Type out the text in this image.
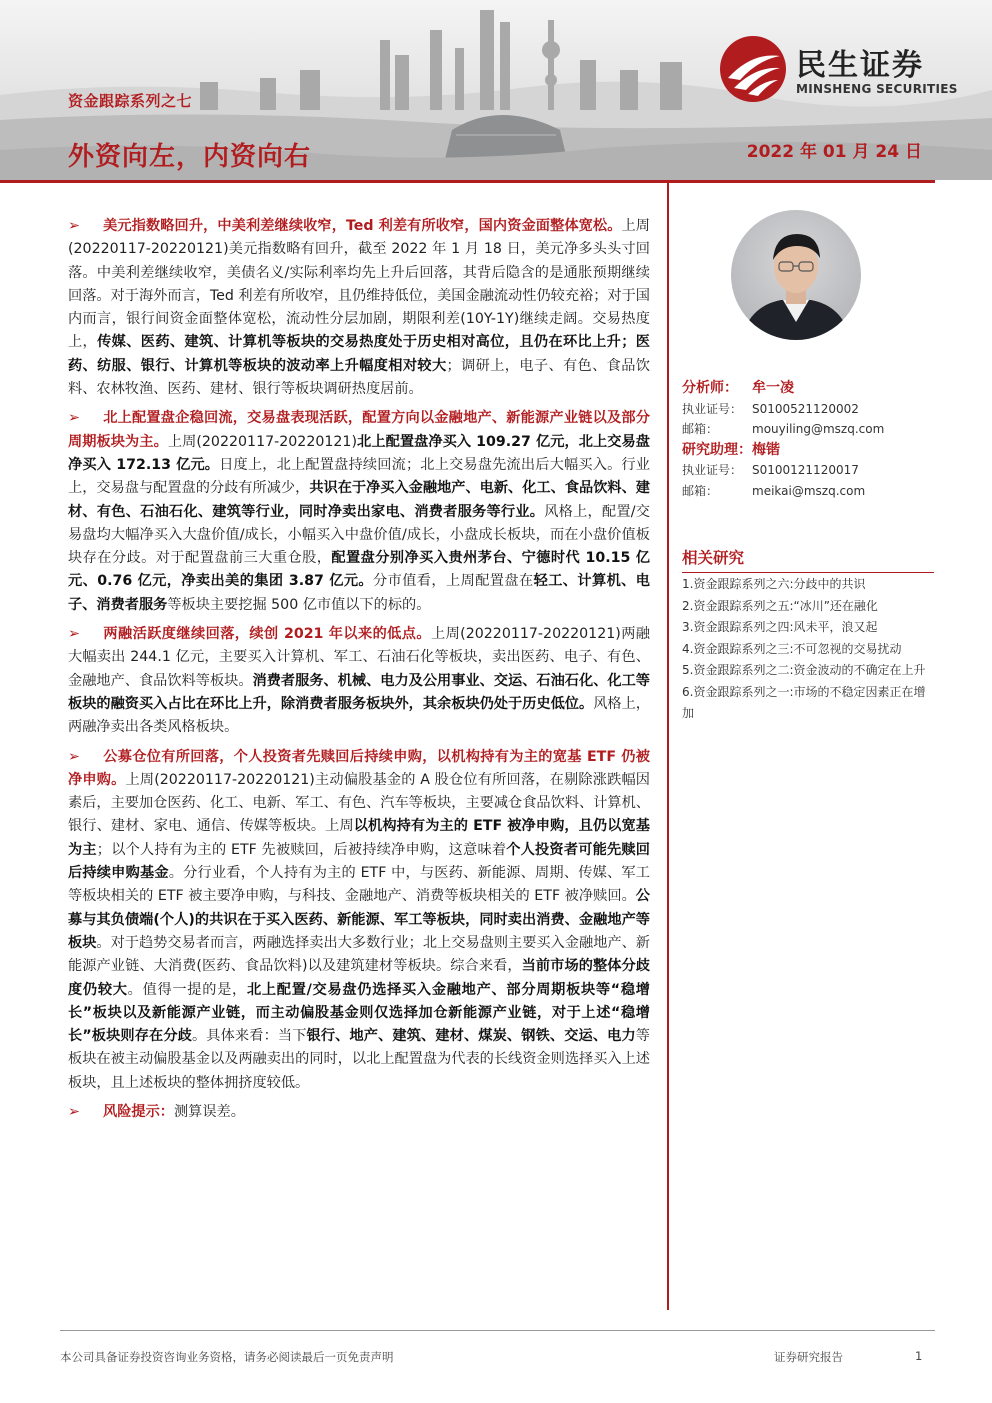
资金跟踪系列之七
外资向左，内资向右	2022 年 01 月 24 日
民生证券
MINSHENG SECURITIES

➢ 美元指数略回升，中美利差继续收窄，Ted 利差有所收窄，国内资金面整体宽松。上周(20220117-20220121)美元指数略有回升，截至 2022 年 1 月 18 日，美元净多头头寸回落。中美利差继续收窄，美债名义/实际利率均先上升后回落，其背后隐含的是通胀预期继续回落。对于海外而言，Ted 利差有所收窄，且仍维持低位，美国金融流动性仍较充裕；对于国内而言，银行间资金面整体宽松，流动性分层加剧，期限利差(10Y-1Y)继续走阔。交易热度上，传媒、医药、建筑、计算机等板块的交易热度处于历史相对高位，且仍在环比上升；医药、纺服、银行、计算机等板块的波动率上升幅度相对较大；调研上，电子、有色、食品饮料、农林牧渔、医药、建材、银行等板块调研热度居前。

➢ 北上配置盘企稳回流，交易盘表现活跃，配置方向以金融地产、新能源产业链以及部分周期板块为主。上周(20220117-20220121)北上配置盘净买入 109.27 亿元，北上交易盘净买入 172.13 亿元。日度上，北上配置盘持续回流；北上交易盘先流出后大幅买入。行业上，交易盘与配置盘的分歧有所减少，共识在于净买入金融地产、电新、化工、食品饮料、建材、有色、石油石化、建筑等行业，同时净卖出家电、消费者服务等行业。风格上，配置/交易盘均大幅净买入大盘价值/成长，小幅买入中盘价值/成长，小盘成长板块，而在小盘价值板块存在分歧。对于配置盘前三大重仓股，配置盘分别净买入贵州茅台、宁德时代 10.15 亿元、0.76 亿元，净卖出美的集团 3.87 亿元。分市值看，上周配置盘在轻工、计算机、电子、消费者服务等板块主要挖掘 500 亿市值以下的标的。

➢ 两融活跃度继续回落，续创 2021 年以来的低点。上周(20220117-20220121)两融大幅卖出 244.1 亿元，主要买入计算机、军工、石油石化等板块，卖出医药、电子、有色、金融地产、食品饮料等板块。消费者服务、机械、电力及公用事业、交运、石油石化、化工等板块的融资买入占比在环比上升，除消费者服务板块外，其余板块仍处于历史低位。风格上，两融净卖出各类风格板块。

➢ 公募仓位有所回落，个人投资者先赎回后持续申购，以机构持有为主的宽基 ETF 仍被净申购。上周(20220117-20220121)主动偏股基金的 A 股仓位有所回落，在剔除涨跌幅因素后，主要加仓医药、化工、电新、军工、有色、汽车等板块，主要减仓食品饮料、计算机、银行、建材、家电、通信、传媒等板块。上周以机构持有为主的 ETF 被净申购，且仍以宽基为主；以个人持有为主的 ETF 先被赎回，后被持续净申购，这意味着个人投资者可能先赎回后持续申购基金。分行业看，个人持有为主的 ETF 中，与医药、新能源、周期、传媒、军工等板块相关的 ETF 被主要净申购，与科技、金融地产、消费等板块相关的 ETF 被净赎回。公募与其负债端(个人)的共识在于买入医药、新能源、军工等板块，同时卖出消费、金融地产等板块。对于趋势交易者而言，两融选择卖出大多数行业；北上交易盘则主要买入金融地产、新能源产业链、大消费(医药、食品饮料)以及建筑建材等板块。综合来看，当前市场的整体分歧度仍较大。值得一提的是，北上配置/交易盘仍选择买入金融地产、部分周期板块等“稳增长”板块以及新能源产业链，而主动偏股基金则仅选择加仓新能源产业链，对于上述“稳增长”板块则存在分歧。具体来看：当下银行、地产、建筑、建材、煤炭、钢铁、交运、电力等板块在被主动偏股基金以及两融卖出的同时，以北上配置盘为代表的长线资金则选择买入上述板块，且上述板块的整体拥挤度较低。

➢ 风险提示：测算误差。

分析师： 牟一凌
执业证号： S0100521120002
邮箱：	mouyiling@mszq.com
研究助理：梅锴
执业证号： S0100121120017
邮箱：	meikai@mszq.com
相关研究
1.资金跟踪系列之六:分歧中的共识
2.资金跟踪系列之五:“冰川”还在融化
3.资金跟踪系列之四:风未平，浪又起
4.资金跟踪系列之三:不可忽视的交易扰动
5.资金跟踪系列之二:资金波动的不确定在上升
6.资金跟踪系列之一:市场的不稳定因素正在增加
本公司具备证券投资咨询业务资格，请务必阅读最后一页免责声明	证券研究报告	1
